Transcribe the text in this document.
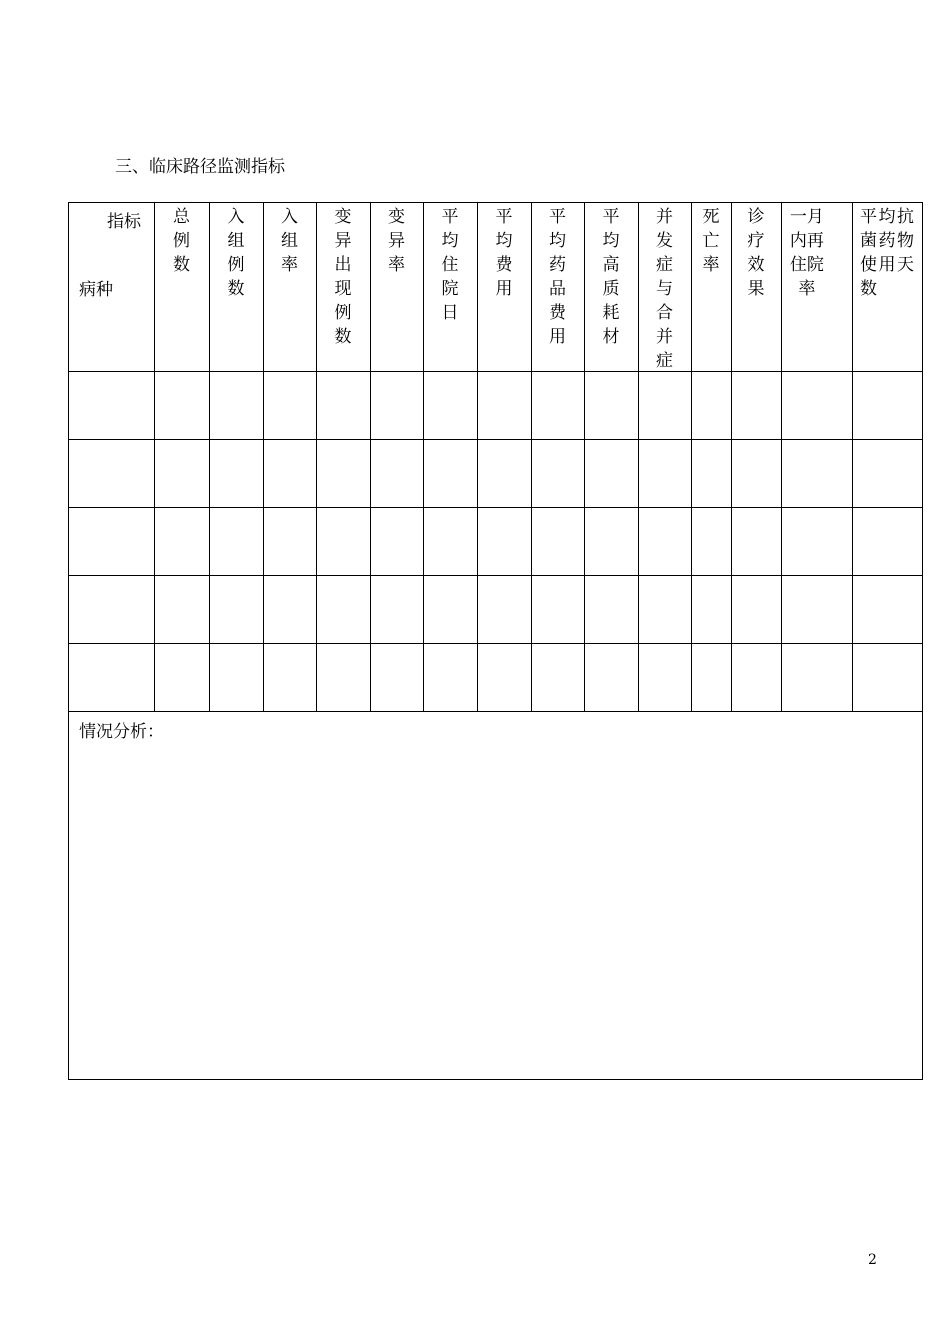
三、临床路径监测指标
指标
病种
总例数
入组例数
入组率
变异出现例数
变异率
平均住院日
平均费用
平均药品费用
平均高质耗材
并发症与合并症
死亡率
诊疗效果
一月内再住院率
平均抗菌药物使用天数
情况分析：
2
